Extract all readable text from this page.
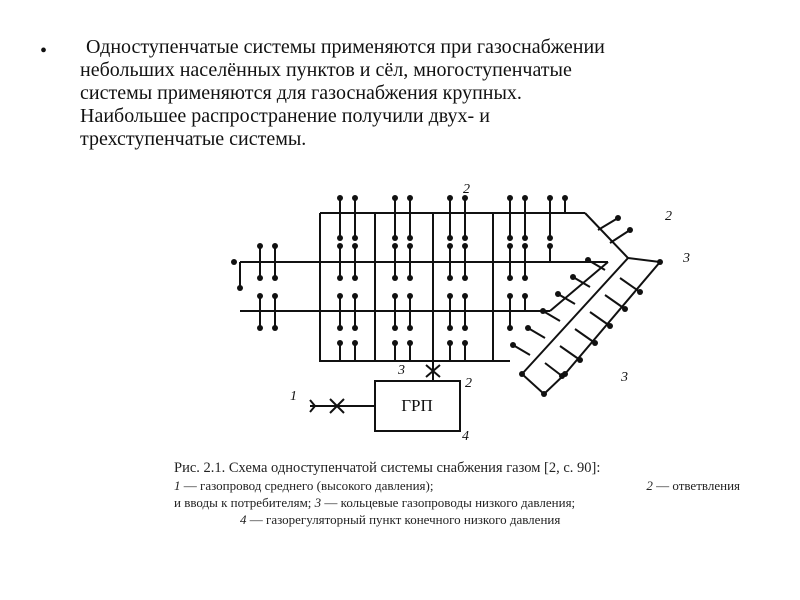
•	Одноступенчатые системы применяются при газоснабжении
небольших населённых пунктов и сёл, многоступенчатые
системы применяются для газоснабжения крупных.
Наибольшее распространение получили двух- и
трехступенчатые системы.
ГРП
1
2
2
2
3
3
3
4
Рис. 2.1. Схема одноступенчатой системы снабжения газом [2, с. 90]:
1 — газопровод среднего (высокого давления);	2 — ответвления
и вводы к потребителям; 3 — кольцевые газопроводы низкого давления;
4 — газорегуляторный пункт конечного низкого давления
